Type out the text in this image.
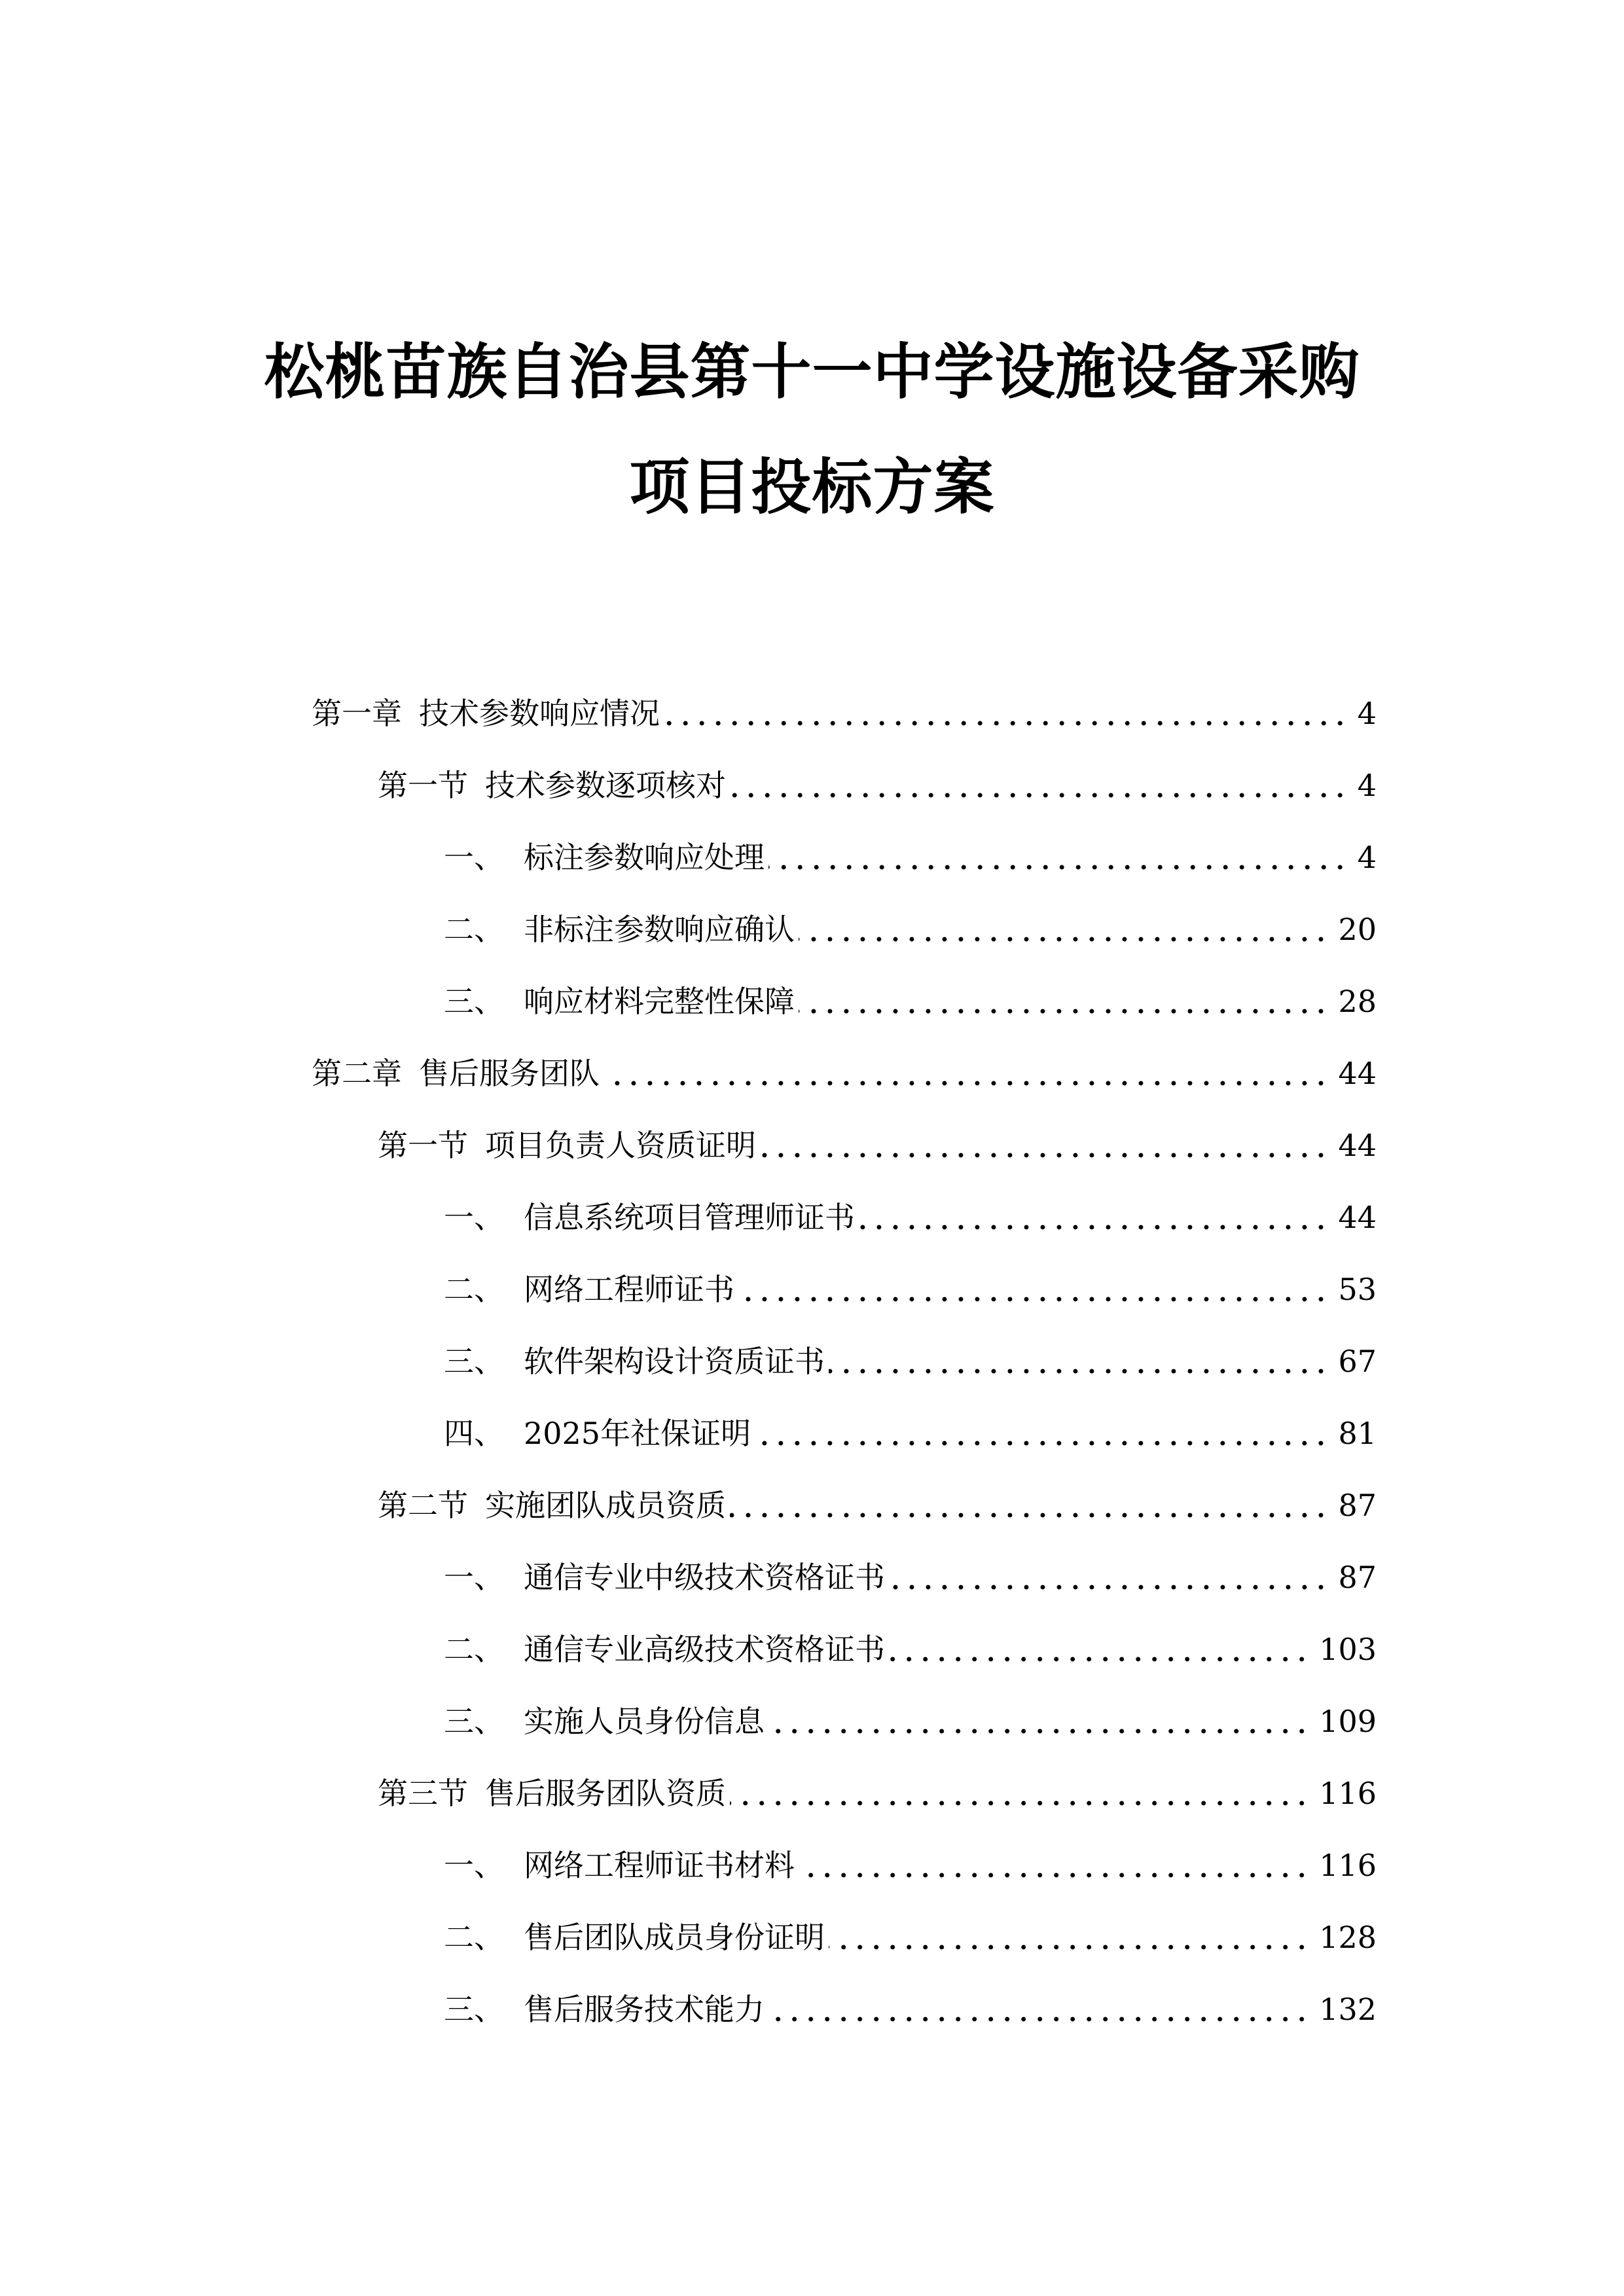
松桃苗族自治县第十一中学设施设备采购
项目投标方案
第一章 技术参数响应情况	4
第一节 技术参数逐项核对	4
一、 标注参数响应处理	4
二、 非标注参数响应确认	20
三、 响应材料完整性保障	28
第二章 售后服务团队	44
第一节 项目负责人资质证明	44
一、 信息系统项目管理师证书	44
二、 网络工程师证书	53
三、 软件架构设计资质证书	67
四、 2025年社保证明	81
第二节 实施团队成员资质	87
一、 通信专业中级技术资格证书	87
二、 通信专业高级技术资格证书	103
三、 实施人员身份信息	109
第三节 售后服务团队资质	116
一、 网络工程师证书材料	116
二、 售后团队成员身份证明	128
三、 售后服务技术能力	132
